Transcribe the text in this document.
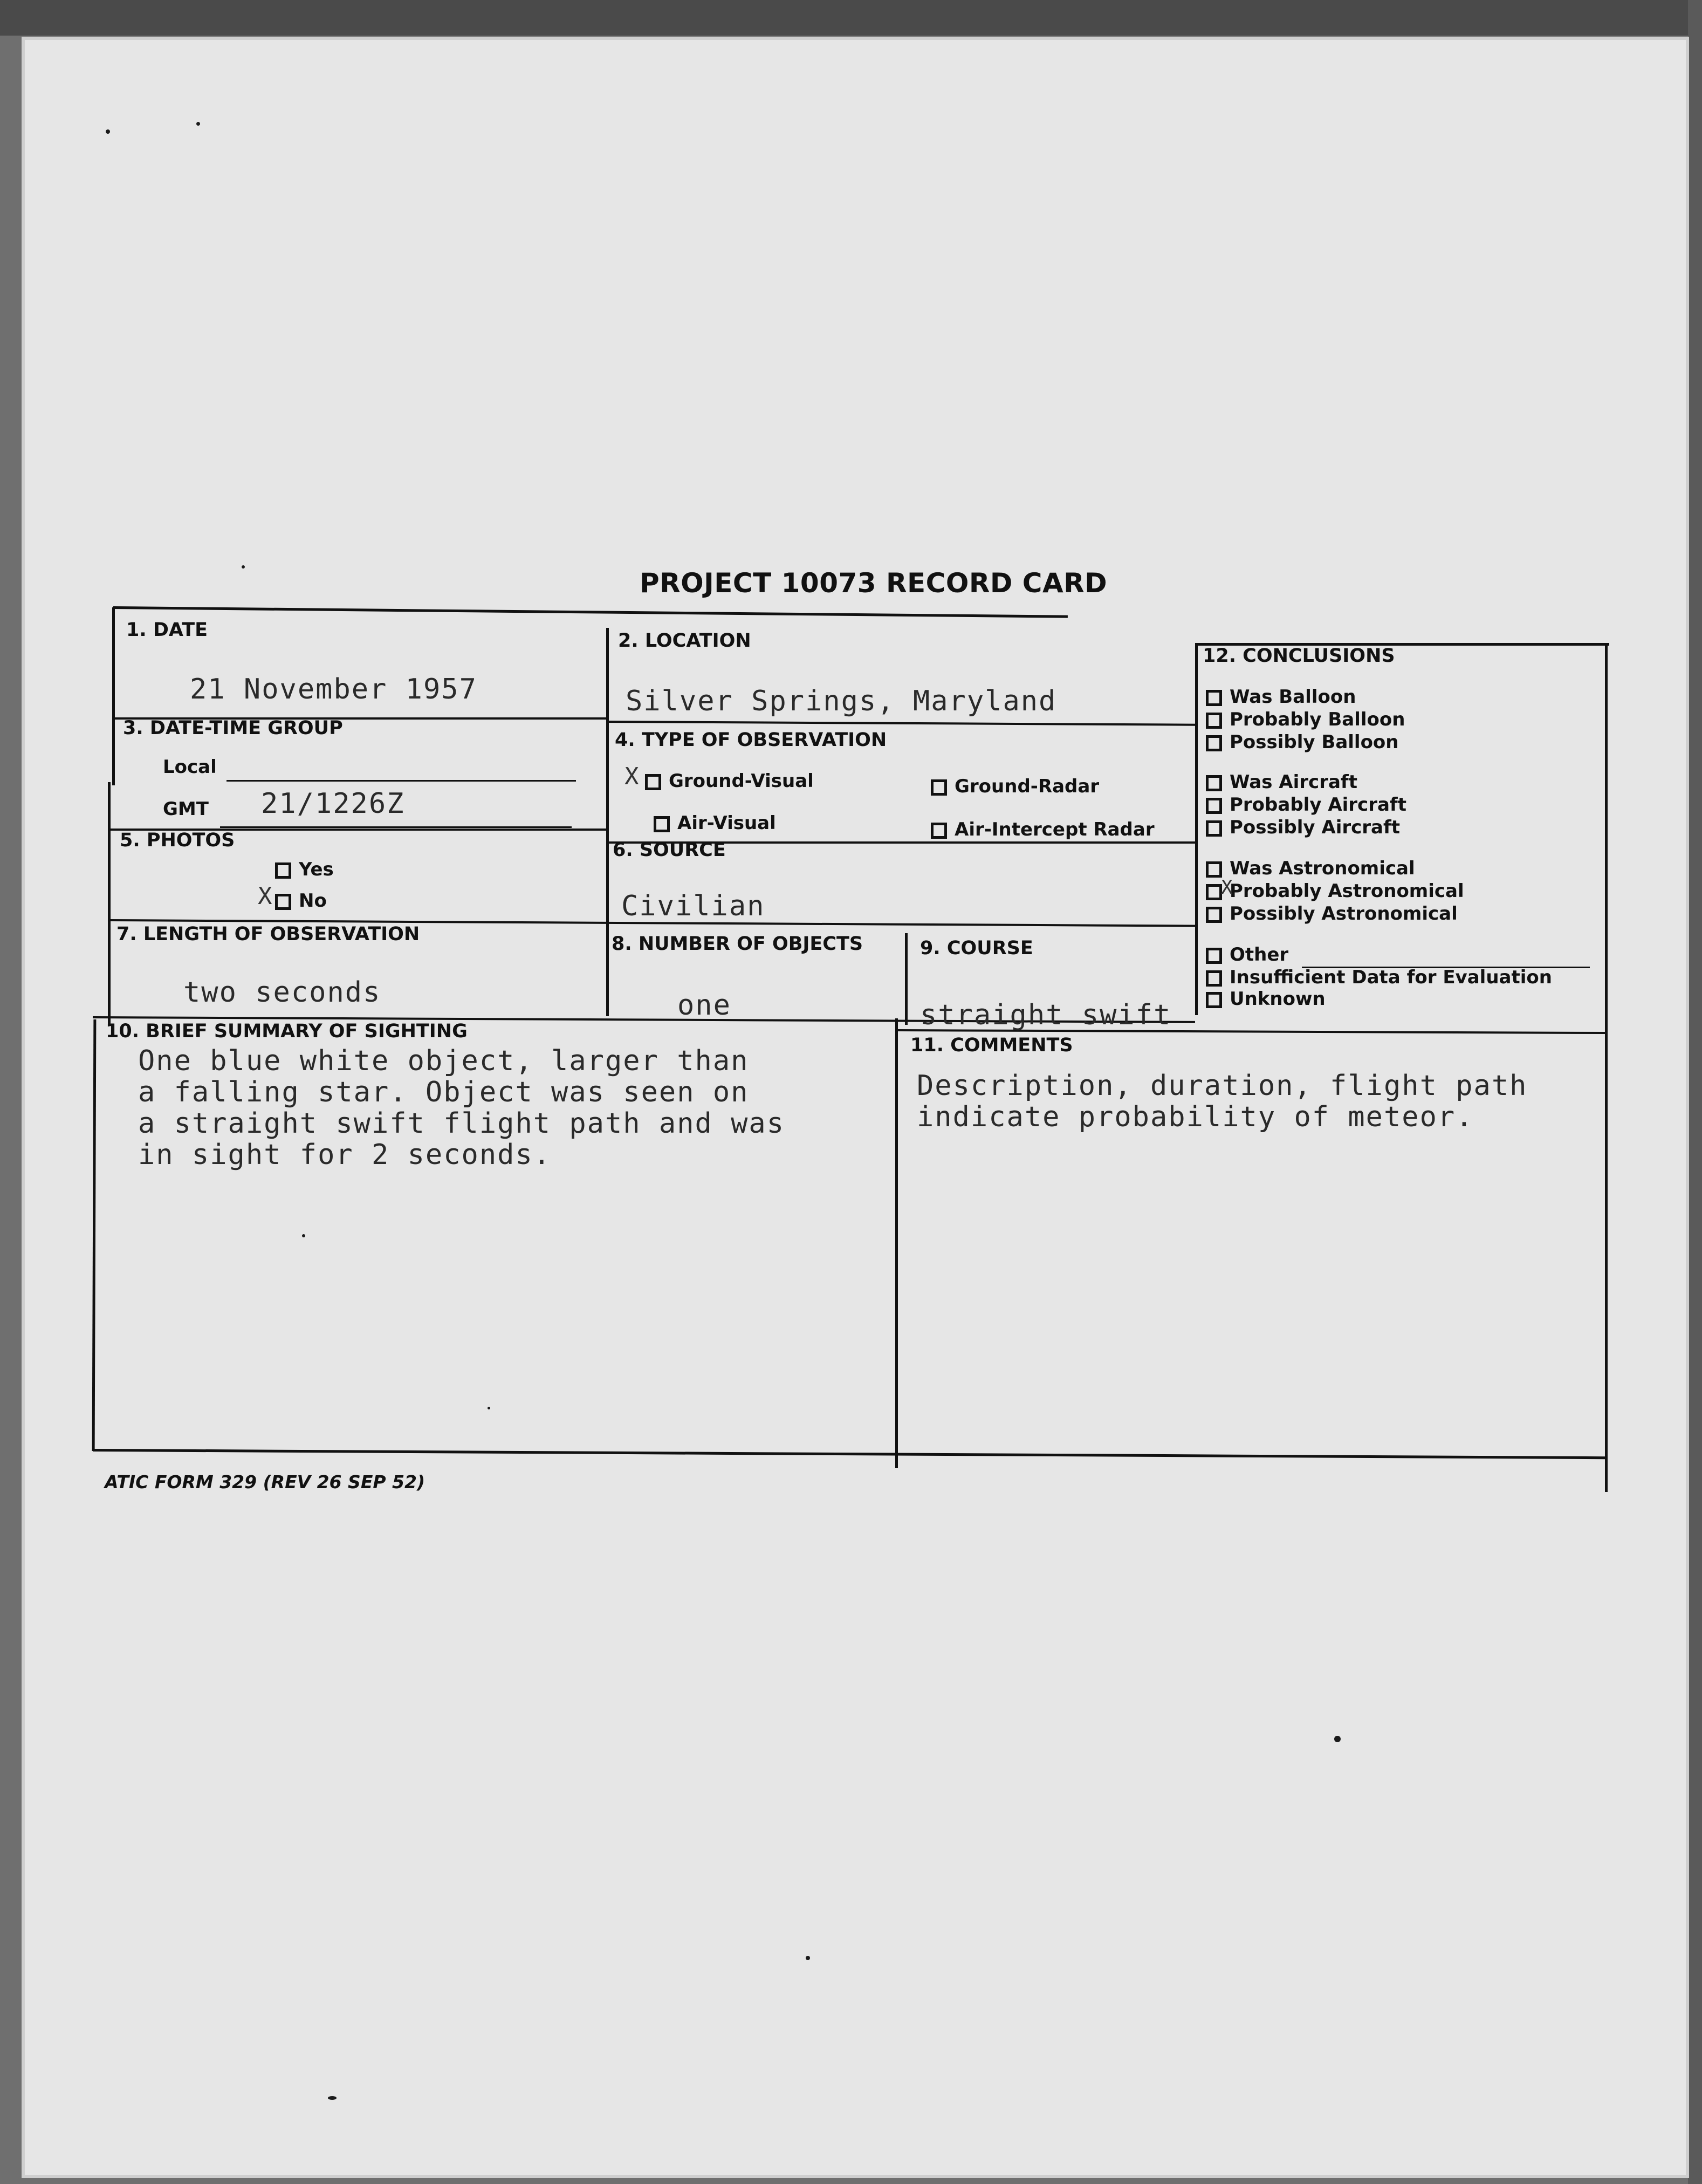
PROJECT 10073 RECORD CARD
1. DATE
21 November 1957
2. LOCATION
Silver Springs, Maryland
3. DATE-TIME GROUP
Local
GMT 21/1226Z
4. TYPE OF OBSERVATION
Ground-Visual
X	Ground-Radar
Air-Visual	Air-Intercept Radar
5. PHOTOS
Yes
No
X
6. SOURCE
Civilian
7. LENGTH OF OBSERVATION
two seconds
8. NUMBER OF OBJECTS
one
9. COURSE
straight swift
10. BRIEF SUMMARY OF SIGHTING
One blue white object, larger than
a falling star. Object was seen on
a straight swift flight path and was
in sight for 2 seconds.
11. COMMENTS
Description, duration, flight path
indicate probability of meteor.
12. CONCLUSIONS
Was Balloon
Probably Balloon
Possibly Balloon
Was Aircraft
Probably Aircraft
Possibly Aircraft
Was Astronomical
Probably Astronomical
X
Possibly Astronomical
Other
Insufficient Data for Evaluation
Unknown
ATIC FORM 329 (REV 26 SEP 52)
